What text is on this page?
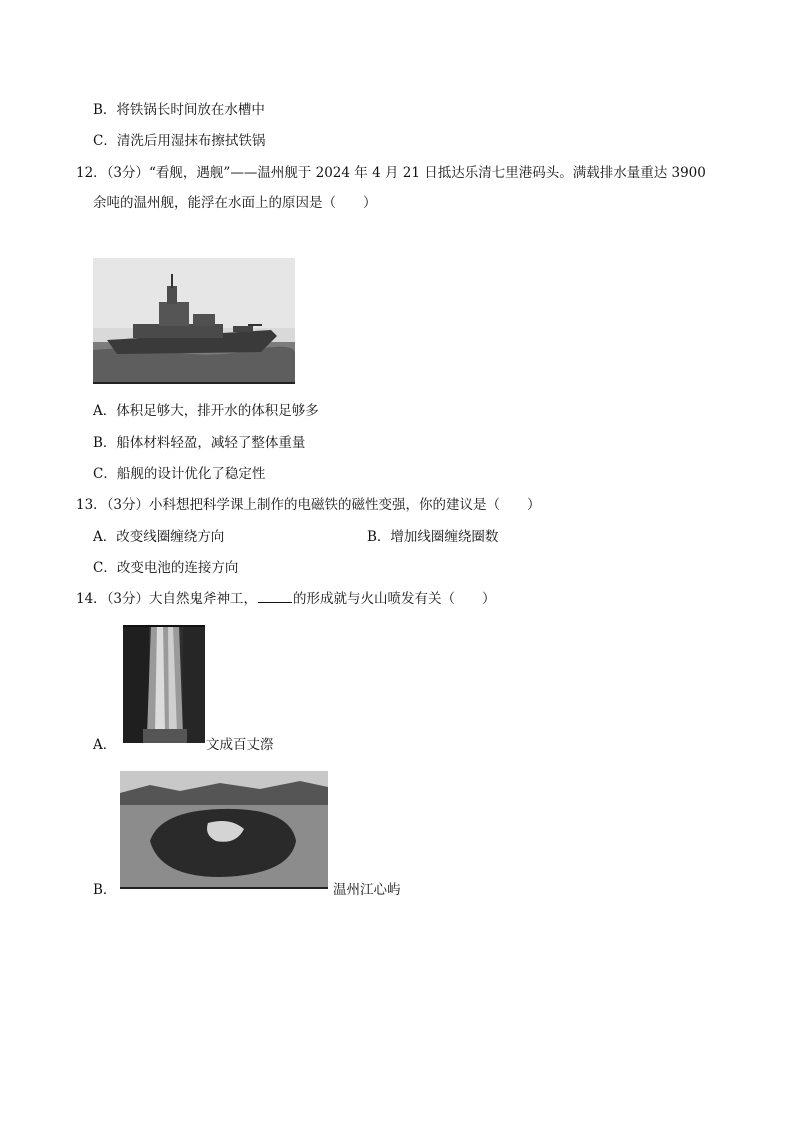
B．将铁锅长时间放在水槽中
C．清洗后用湿抹布擦拭铁锅
12．（3分）“看舰，遇舰”——温州舰于 2024 年 4 月 21 日抵达乐清七里港码头。满载排水量重达 3900
余吨的温州舰，能浮在水面上的原因是（　　）
A．体积足够大，排开水的体积足够多
B．船体材料轻盈，减轻了整体重量
C．船舰的设计优化了稳定性
13．（3分）小科想把科学课上制作的电磁铁的磁性变强，你的建议是（　　）
A．改变线圈缠绕方向	B．增加线圈缠绕圈数
C．改变电池的连接方向
14．（3分）大自然鬼斧神工，	的形成就与火山喷发有关（　　）
A．	文成百丈漈
B．	温州江心屿
